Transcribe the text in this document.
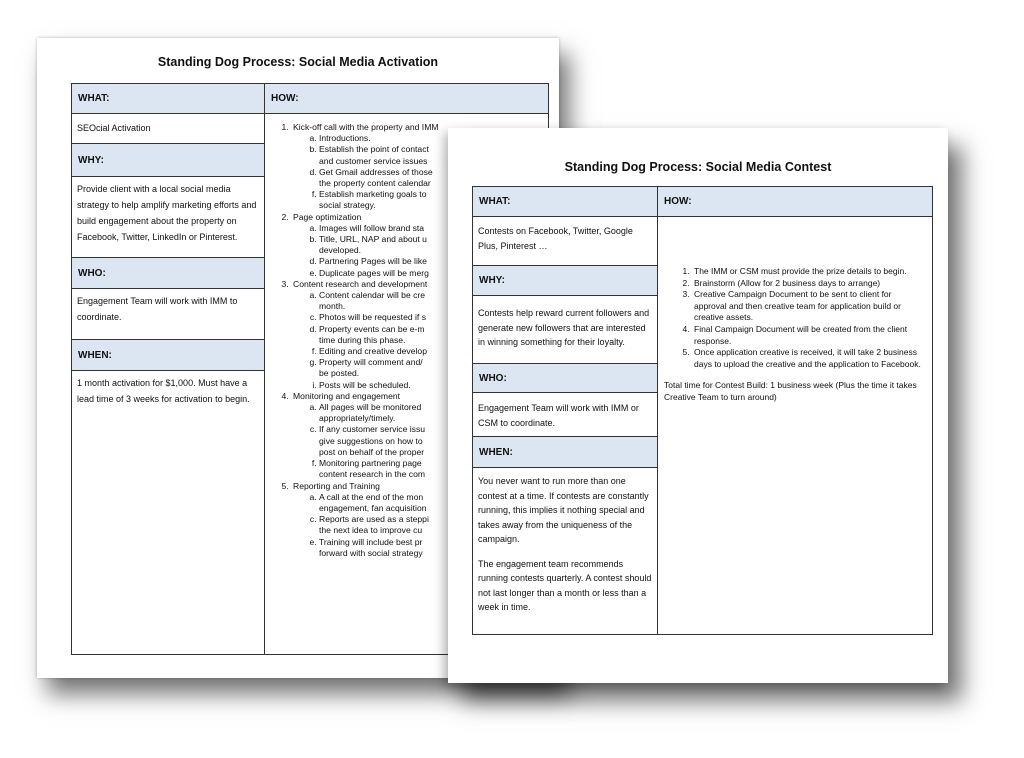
Standing Dog Process: Social Media Activation
WHAT:
SEOcial Activation
WHY:
Provide client with a local social media strategy to help amplify marketing efforts and build engagement about the property on Facebook, Twitter, LinkedIn or Pinterest.
WHO:
Engagement Team will work with IMM to coordinate.
WHEN:
1 month activation for $1,000. Must have a lead time of 3 weeks for activation to begin.
HOW:
1. Kick-off call with the property and IMM
a. Introductions.
b. Establish the point of contact
and customer service issues
d. Get Gmail addresses of those
the property content calendar
f. Establish marketing goals to
social strategy.
2. Page optimization
a. Images will follow brand sta
b. Title, URL, NAP and about u
developed.
d. Partnering Pages will be like
e. Duplicate pages will be merg
3. Content research and development
a. Content calendar will be cre
month.
c. Photos will be requested if s
d. Property events can be e-m
time during this phase.
f. Editing and creative develop
g. Property will comment and/
be posted.
i. Posts will be scheduled.
4. Monitoring and engagement
a. All pages will be monitored
appropriately/timely.
c. If any customer service issu
give suggestions on how to
post on behalf of the proper
f. Monitoring partnering page
content research in the com
5. Reporting and Training
a. A call at the end of the mon
engagement, fan acquisition
c. Reports are used as a steppi
the next idea to improve cu
e. Training will include best pr
forward with social strategy
Standing Dog Process: Social Media Contest
WHAT:
Contests on Facebook, Twitter, Google Plus, Pinterest …
WHY:
Contests help reward current followers and generate new followers that are interested in winning something for their loyalty.
WHO:
Engagement Team will work with IMM or CSM to coordinate.
WHEN:

You never want to run more than one contest at a time. If contests are constantly running, this implies it nothing special and takes away from the uniqueness of the campaign.

The engagement team recommends running contests quarterly. A contest should not last longer than a month or less than a week in time.

HOW:
1. The IMM or CSM must provide the prize details to begin.
2. Brainstorm (Allow for 2 business days to arrange)
3. Creative Campaign Document to be sent to client for approval and then creative team for application build or creative assets.
4. Final Campaign Document will be created from the client response.
5. Once application creative is received, it will take 2 business days to upload the creative and the application to Facebook.
Total time for Contest Build: 1 business week (Plus the time it takes Creative Team to turn around)
